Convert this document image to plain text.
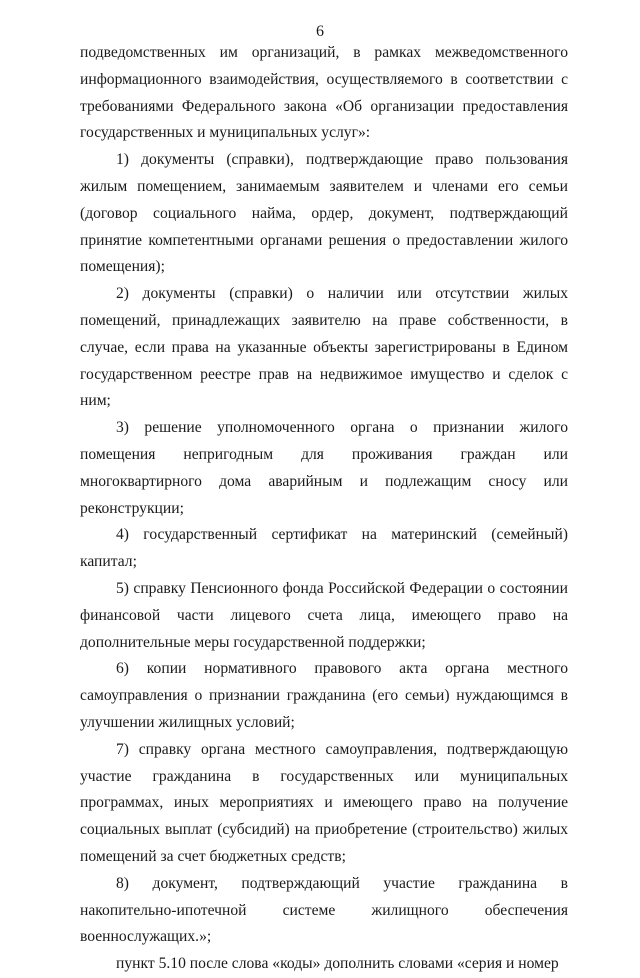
6

подведомственных им организаций, в рамках межведомственного информационного взаимодействия, осуществляемого в соответствии с требованиями Федерального закона «Об организации предоставления государственных и муниципальных услуг»:

1) документы (справки), подтверждающие право пользования жилым помещением, занимаемым заявителем и членами его семьи (договор социального найма, ордер, документ, подтверждающий принятие компетентными органами решения о предоставлении жилого помещения);

2) документы (справки) о наличии или отсутствии жилых помещений, принадлежащих заявителю на праве собственности, в случае, если права на указанные объекты зарегистрированы в Едином государственном реестре прав на недвижимое имущество и сделок с ним;

3) решение уполномоченного органа о признании жилого помещения непригодным для проживания граждан или многоквартирного дома аварийным и подлежащим сносу или реконструкции;

4) государственный сертификат на материнский (семейный) капитал;

5) справку Пенсионного фонда Российской Федерации о состоянии финансовой части лицевого счета лица, имеющего право на дополнительные меры государственной поддержки;

6) копии нормативного правового акта органа местного самоуправления о признании гражданина (его семьи) нуждающимся в улучшении жилищных условий;

7) справку органа местного самоуправления, подтверждающую участие гражданина в государственных или муниципальных программах, иных мероприятиях и имеющего право на получение социальных выплат (субсидий) на приобретение (строительство) жилых помещений за счет бюджетных средств;

8) документ, подтверждающий участие гражданина в накопительно-ипотечной системе жилищного обеспечения военнослужащих.»;

пункт 5.10 после слова «коды» дополнить словами «серия и номер
